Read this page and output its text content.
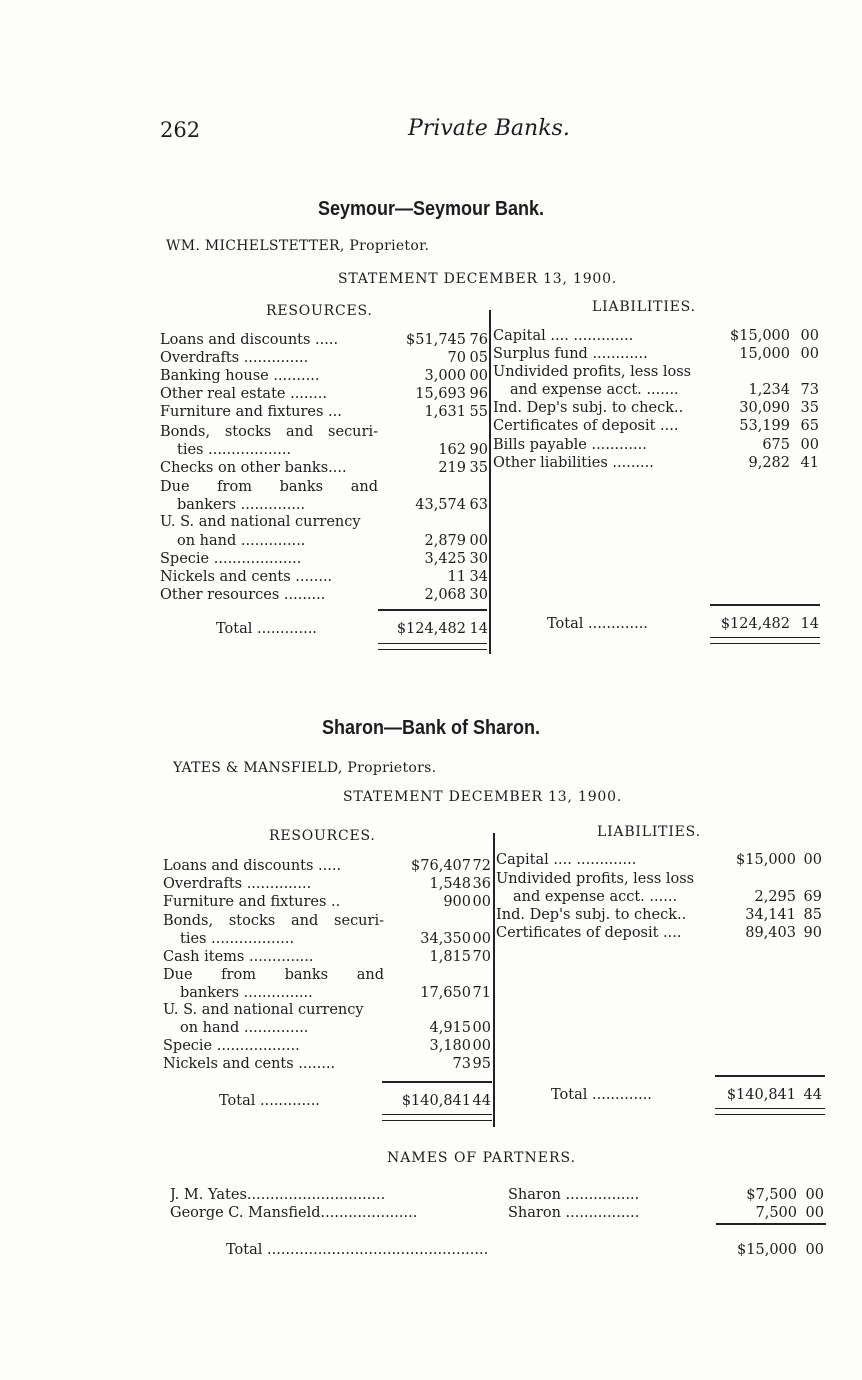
262	Private Banks.
Seymour—Seymour Bank.
WM. MICHELSTETTER, Proprietor.
STATEMENT DECEMBER 13, 1900.
RESOURCES.	LIABILITIES.
Loans and discounts .....	$51,745 76
Overdrafts ..............	70 05
Banking house ..........	3,000 00
Other real estate ........	15,693 96
Furniture and fixtures ...	1,631 55
Bonds, stocks and securi-
ties ..................	162 90
Checks on other banks....	219 35
Due from banks and
bankers ..............	43,574 63
U. S. and national currency
on hand ..............	2,879 00
Specie ...................	3,425 30
Nickels and cents ........	11 34
Other resources .........	2,068 30
Total .............	$124,482 14
Capital .... .............	$15,000 00
Surplus fund ............	15,000 00
Undivided profits, less loss
and expense acct. .......	1,234 73
Ind. Dep's subj. to check..	30,090 35
Certificates of deposit ....	53,199 65
Bills payable ............	675 00
Other liabilities .........	9,282 41
Total .............	$124,482 14
Sharon—Bank of Sharon.
YATES & MANSFIELD, Proprietors.
STATEMENT DECEMBER 13, 1900.
RESOURCES.	LIABILITIES.
Loans and discounts .....	$76,407 72
Overdrafts ..............	1,548 36
Furniture and fixtures ..	900 00
Bonds, stocks and securi-
ties ..................	34,350 00
Cash items ..............	1,815 70
Due from banks and
bankers ...............	17,650 71
U. S. and national currency
on hand ..............	4,915 00
Specie ..................	3,180 00
Nickels and cents ........	73 95
Total .............	$140,841 44
Capital .... .............	$15,000 00
Undivided profits, less loss
and expense acct. ......	2,295 69
Ind. Dep's subj. to check..	34,141 85
Certificates of deposit ....	89,403 90
Total .............	$140,841 44
NAMES OF PARTNERS.
J. M. Yates..............................	Sharon ................	$7,500 00
George C. Mansfield.....................	Sharon ................	7,500 00
Total ................................................	$15,000 00
